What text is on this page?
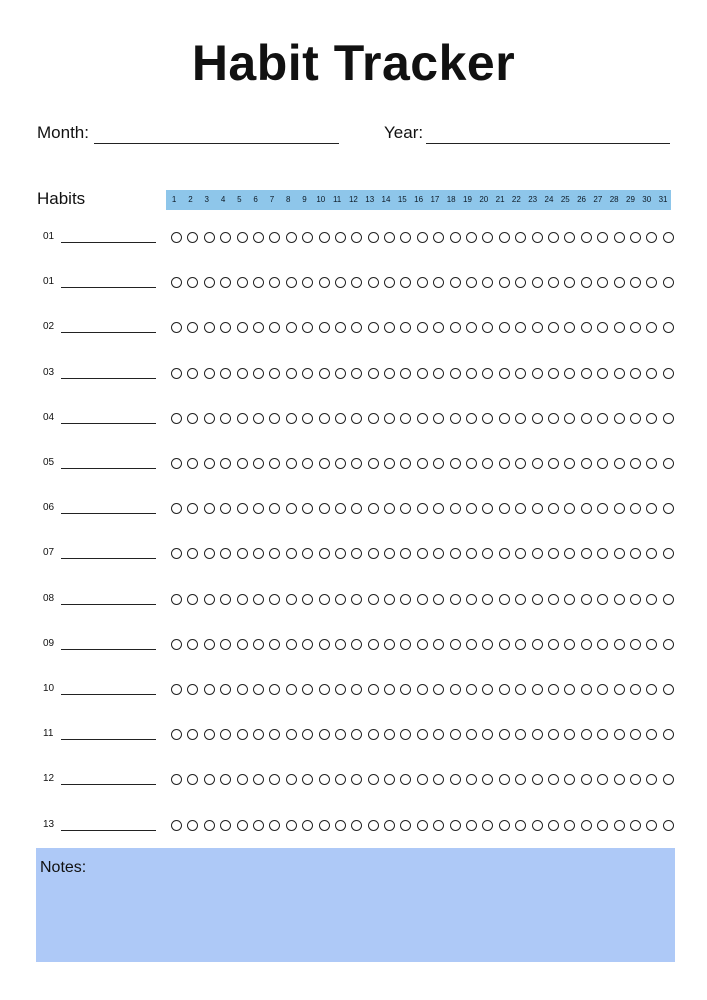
Habit Tracker
Month:	Year:
Habits	1	2	3	4	5	6	7	8	9	10 11 12 13 14 15 16 17 18 19 20 21 22 23 24 25 26 27 28 29 30 31
01
01
02
03
04
05
06
07
08
09
10
11
12
13
Notes:
